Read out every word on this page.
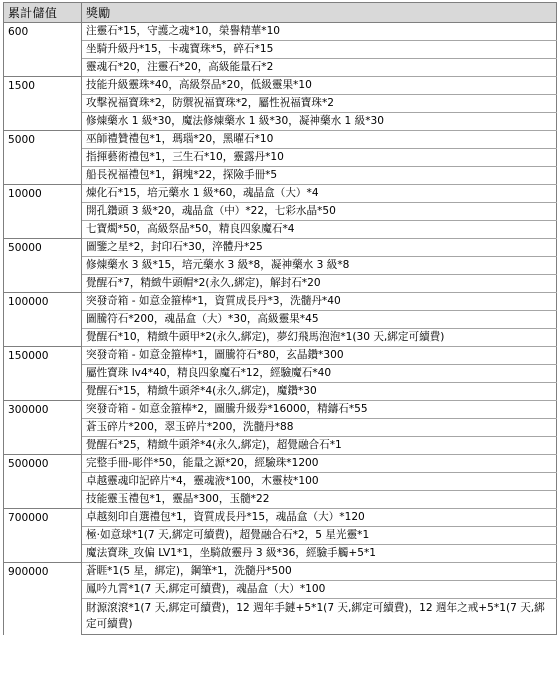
累計儲值	獎勵
600	注靈石*15，守護之魂*10，榮譽精華*10
	坐騎升級丹*15，卡魂寶珠*5，碎石*15
	靈魂石*20，注靈石*20，高級能量石*2
1500	技能升級靈珠*40，高級祭品*20，低級靈果*10
	攻擊祝福寶珠*2，防禦祝福寶珠*2，屬性祝福寶珠*2
	修煉藥水 1 級*30，魔法修煉藥水 1 級*30，凝神藥水 1 級*30
5000	巫師禮贊禮包*1，瑪瑙*20，黑曜石*10
	指揮藝術禮包*1，三生石*10，靈露丹*10
	船長祝福禮包*1，銅塊*22，探險手冊*5
10000	煉化石*15，培元藥水 1 級*60，魂晶盒（大）*4
	開孔鑽頭 3 級*20，魂晶盒（中）*22，七彩水晶*50
	七寶燭*50，高級祭品*50，精良四象魔石*4
50000	圖鑒之星*2，封印石*30，淬體丹*25
	修煉藥水 3 級*15，培元藥水 3 級*8，凝神藥水 3 級*8
	覺醒石*7，精緻牛頭帽*2(永久,綁定)，解封石*20
100000	突發奇箱 - 如意金箍棒*1，資質成長丹*3，洗髓丹*40
	圖騰符石*200，魂晶盒（大）*30，高級靈果*45
	覺醒石*10，精緻牛頭甲*2(永久,綁定)，夢幻飛馬泡泡*1(30 天,綁定可續費)
150000	突發奇箱 - 如意金箍棒*1，圖騰符石*80，玄晶鑽*300
	屬性寶珠 lv4*40，精良四象魔石*12，經驗魔石*40
	覺醒石*15，精緻牛頭斧*4(永久,綁定)，魔鑽*30
300000	突發奇箱 - 如意金箍棒*2，圖騰升級券*16000，精鑄石*55
	蒼玉碎片*200，翠玉碎片*200，洗髓丹*88
	覺醒石*25，精緻牛頭斧*4(永久,綁定)，超覺融合石*1
500000	完整手冊-彫伴*50，能量之源*20，經驗珠*1200
	卓越靈魂印記碎片*4，靈魂液*100，木靈枝*100
	技能靈玉禮包*1，靈晶*300，玉髓*22
700000	卓越刻印自選禮包*1，資質成長丹*15，魂晶盒（大）*120
	極·如意球*1(7 天,綁定可續費)，超覺融合石*2，5 星光靈*1
	魔法寶珠_攻偏 LV1*1，坐騎啟靈丹 3 級*36，經驗手觸+5*1
900000	蒼睚*1(5 星，綁定)，鋼筆*1，洗髓丹*500
	鳳吟九霄*1(7 天,綁定可續費)，魂晶盒（大）*100
	財源滾滾*1(7 天,綁定可續費)，12 週年手鏈+5*1(7 天,綁定可續費)，12 週年之戒+5*1(7 天,綁定可續費)
